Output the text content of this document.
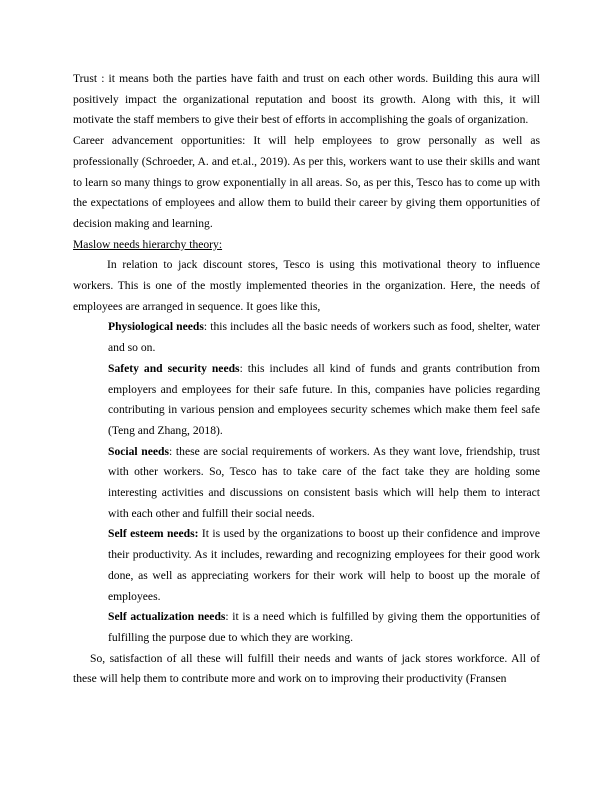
Trust : it means both the parties have faith and trust on each other words. Building this aura will positively impact the organizational reputation and boost its growth. Along with this, it will motivate the staff members to give their best of efforts in accomplishing the goals of organization.

Career advancement opportunities: It will help employees to grow personally as well as professionally (Schroeder, A. and et.al., 2019). As per this, workers want to use their skills and want to learn so many things to grow exponentially in all areas. So, as per this, Tesco has to come up with the expectations of employees and allow them to build their career by giving them opportunities of decision making and learning.

Maslow needs hierarchy theory:

In relation to jack discount stores, Tesco is using this motivational theory to influence workers. This is one of the mostly implemented theories in the organization. Here, the needs of employees are arranged in sequence. It goes like this,

Physiological needs: this includes all the basic needs of workers such as food, shelter, water and so on.

Safety and security needs: this includes all kind of funds and grants contribution from employers and employees for their safe future. In this, companies have policies regarding contributing in various pension and employees security schemes which make them feel safe (Teng and Zhang, 2018).

Social needs: these are social requirements of workers. As they want love, friendship, trust with other workers. So, Tesco has to take care of the fact take they are holding some interesting activities and discussions on consistent basis which will help them to interact with each other and fulfill their social needs.

Self esteem needs: It is used by the organizations to boost up their confidence and improve their productivity. As it includes, rewarding and recognizing employees for their good work done, as well as appreciating workers for their work will help to boost up the morale of employees.

Self actualization needs: it is a need which is fulfilled by giving them the opportunities of fulfilling the purpose due to which they are working.

So, satisfaction of all these will fulfill their needs and wants of jack stores workforce. All of these will help them to contribute more and work on to improving their productivity (Fransen
